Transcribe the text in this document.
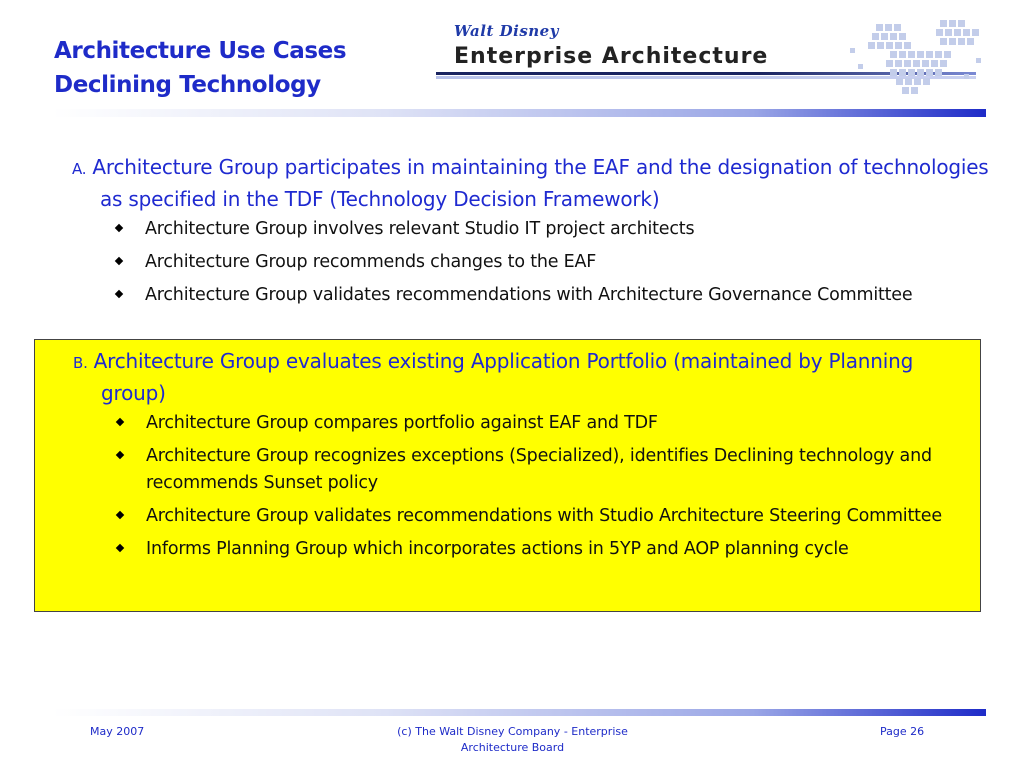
Architecture Use Cases
Declining Technology
Walt Disney
Enterprise Architecture

A. Architecture Group participates in maintaining the EAF and the designation of technologies as specified in the TDF (Technology Decision Framework)

Architecture Group involves relevant Studio IT project architects
Architecture Group recommends changes to the EAF
Architecture Group validates recommendations with Architecture Governance Committee

B. Architecture Group evaluates existing Application Portfolio (maintained by Planning group)

Architecture Group compares portfolio against EAF and TDF
Architecture Group recognizes exceptions (Specialized), identifies Declining technology and recommends Sunset policy
Architecture Group validates recommendations with Studio Architecture Steering Committee
Informs Planning Group which incorporates actions in 5YP and AOP planning cycle
May 2007	(c) The Walt Disney Company - Enterprise Architecture Board
Page 26
